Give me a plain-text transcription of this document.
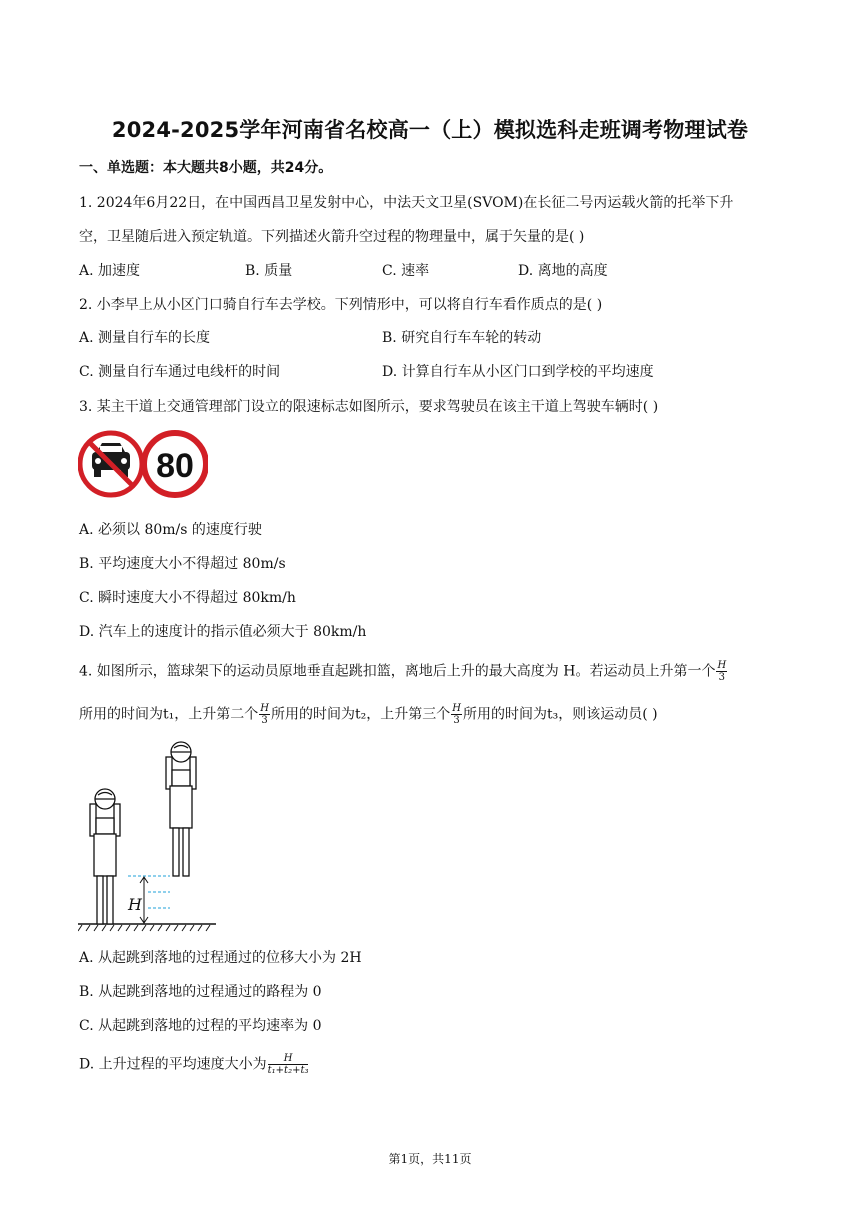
2024-2025学年河南省名校高一（上）模拟选科走班调考物理试卷
一、单选题：本大题共8小题，共24分。
1. 2024年6月22日，在中国西昌卫星发射中心，中法天文卫星(SVOM)在长征二号丙运载火箭的托举下升
空，卫星随后进入预定轨道。下列描述火箭升空过程的物理量中，属于矢量的是( )
A. 加速度	B. 质量	C. 速率	D. 离地的高度
2. 小李早上从小区门口骑自行车去学校。下列情形中，可以将自行车看作质点的是( )
A. 测量自行车的长度	B. 研究自行车车轮的转动
C. 测量自行车通过电线杆的时间	D. 计算自行车从小区门口到学校的平均速度
3. 某主干道上交通管理部门设立的限速标志如图所示，要求驾驶员在该主干道上驾驶车辆时( )
80
A. 必须以 80m/s 的速度行驶
B. 平均速度大小不得超过 80m/s
C. 瞬时速度大小不得超过 80km/h
D. 汽车上的速度计的指示值必须大于 80km/h
4. 如图所示，篮球架下的运动员原地垂直起跳扣篮，离地后上升的最大高度为 H。若运动员上升第一个 $\frac{H}{3}$
所用的时间为t₁，上升第二个 $\frac{H}{3}$ 所用的时间为t₂，上升第三个 $\frac{H}{3}$ 所用的时间为t₃，则该运动员( )
H
A. 从起跳到落地的过程通过的位移大小为 2H
B. 从起跳到落地的过程通过的路程为 0
C. 从起跳到落地的过程的平均速率为 0
D. 上升过程的平均速度大小为 $\frac{H}{\text{t₁+t₂+t₃}}$
第1页，共11页
